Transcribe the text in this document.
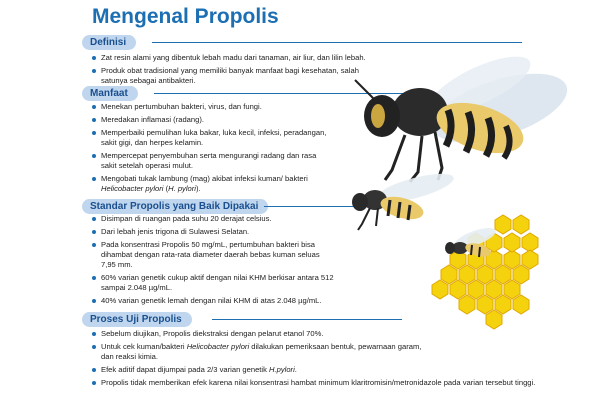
Mengenal Propolis
Definisi
Zat resin alami yang dibentuk lebah madu dari tanaman, air liur, dan lilin lebah.
Produk obat tradisional yang memiliki banyak manfaat bagi kesehatan, salah satunya sebagai antibakteri.
Manfaat
Menekan pertumbuhan bakteri, virus, dan fungi.
Meredakan inflamasi (radang).
Memperbaiki pemulihan luka bakar, luka kecil, infeksi, peradangan, sakit gigi, dan herpes kelamin.
Mempercepat penyembuhan serta mengurangi radang dan rasa sakit setelah operasi mulut.
Mengobati tukak lambung (mag) akibat infeksi kuman/ bakteri Helicobacter pylori (H. pylori).
Standar Propolis yang Baik Dipakai
Disimpan di ruangan pada suhu 20 derajat celsius.
Dari lebah jenis trigona di Sulawesi Selatan.
Pada konsentrasi Propolis 50 mg/mL, pertumbuhan bakteri bisa dihambat dengan rata-rata diameter daerah bebas kuman seluas 7,95 mm.
60% varian genetik cukup aktif dengan nilai KHM berkisar antara 512 sampai 2.048 µg/mL.
40% varian genetik lemah dengan nilai KHM di atas 2.048 µg/mL.
Proses Uji Propolis
Sebelum diujikan, Propolis diekstraksi dengan pelarut etanol 70%.
Untuk cek kuman/bakteri Helicobacter pylori dilakukan pemeriksaan bentuk, pewarnaan garam, dan reaksi kimia.
Efek aditif dapat dijumpai pada 2/3 varian genetik H.pylori.
Propolis tidak memberikan efek karena nilai konsentrasi hambat minimum klaritromisin/metronidazole pada varian tersebut tinggi.
